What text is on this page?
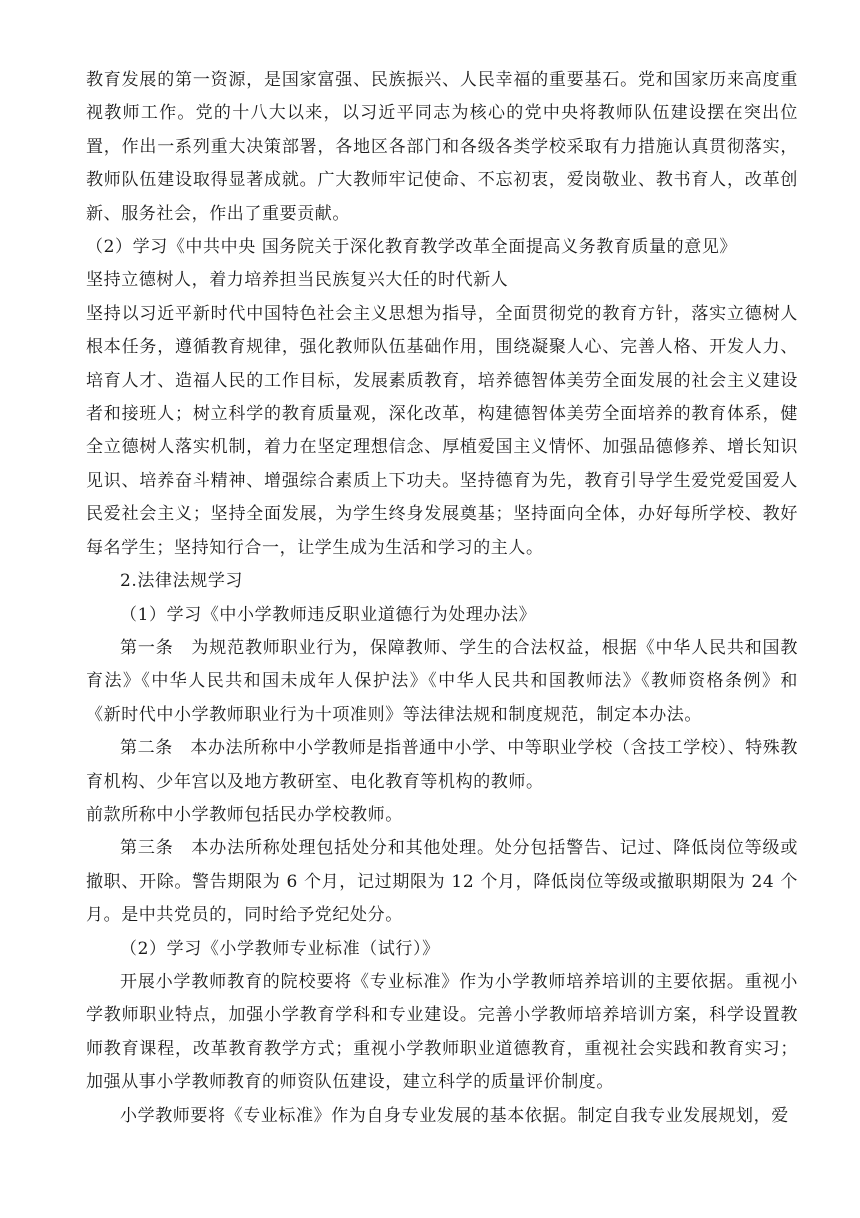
教育发展的第一资源，是国家富强、民族振兴、人民幸福的重要基石。党和国家历来高度重视教师工作。党的十八大以来，以习近平同志为核心的党中央将教师队伍建设摆在突出位置，作出一系列重大决策部署，各地区各部门和各级各类学校采取有力措施认真贯彻落实，教师队伍建设取得显著成就。广大教师牢记使命、不忘初衷，爱岗敬业、教书育人，改革创新、服务社会，作出了重要贡献。

（2）学习《中共中央 国务院关于深化教育教学改革全面提高义务教育质量的意见》

坚持立德树人，着力培养担当民族复兴大任的时代新人

坚持以习近平新时代中国特色社会主义思想为指导，全面贯彻党的教育方针，落实立德树人根本任务，遵循教育规律，强化教师队伍基础作用，围绕凝聚人心、完善人格、开发人力、培育人才、造福人民的工作目标，发展素质教育，培养德智体美劳全面发展的社会主义建设者和接班人；树立科学的教育质量观，深化改革，构建德智体美劳全面培养的教育体系，健全立德树人落实机制，着力在坚定理想信念、厚植爱国主义情怀、加强品德修养、增长知识见识、培养奋斗精神、增强综合素质上下功夫。坚持德育为先，教育引导学生爱党爱国爱人民爱社会主义；坚持全面发展，为学生终身发展奠基；坚持面向全体，办好每所学校、教好每名学生；坚持知行合一，让学生成为生活和学习的主人。

2.法律法规学习

（1）学习《中小学教师违反职业道德行为处理办法》

第一条　为规范教师职业行为，保障教师、学生的合法权益，根据《中华人民共和国教育法》《中华人民共和国未成年人保护法》《中华人民共和国教师法》《教师资格条例》和《新时代中小学教师职业行为十项准则》等法律法规和制度规范，制定本办法。

第二条　本办法所称中小学教师是指普通中小学、中等职业学校（含技工学校）、特殊教育机构、少年宫以及地方教研室、电化教育等机构的教师。

前款所称中小学教师包括民办学校教师。

第三条　本办法所称处理包括处分和其他处理。处分包括警告、记过、降低岗位等级或撤职、开除。警告期限为 6 个月，记过期限为 12 个月，降低岗位等级或撤职期限为 24 个月。是中共党员的，同时给予党纪处分。

（2）学习《小学教师专业标准（试行）》

开展小学教师教育的院校要将《专业标准》作为小学教师培养培训的主要依据。重视小学教师职业特点，加强小学教育学科和专业建设。完善小学教师培养培训方案，科学设置教师教育课程，改革教育教学方式；重视小学教师职业道德教育，重视社会实践和教育实习；加强从事小学教师教育的师资队伍建设，建立科学的质量评价制度。

小学教师要将《专业标准》作为自身专业发展的基本依据。制定自我专业发展规划，爱
